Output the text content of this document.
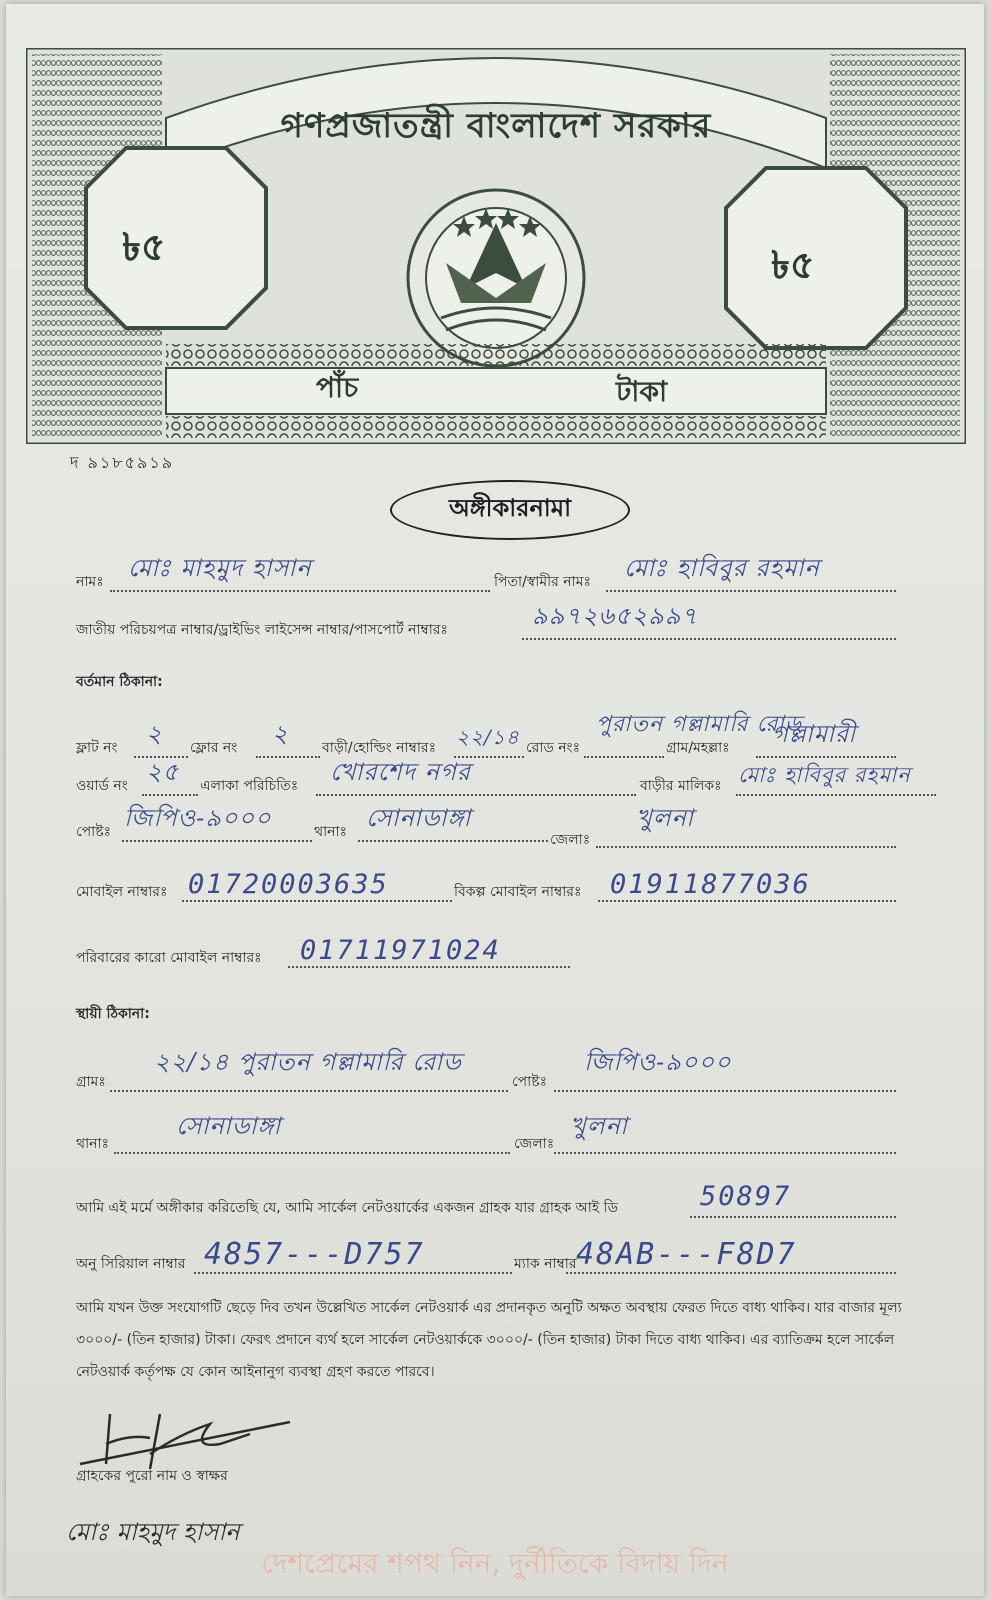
গণপ্রজাতন্ত্রী বাংলাদেশ সরকার
৳৫	৳৫
পাঁচ	টাকা
দ ৯১৮৫৯১৯
অঙ্গীকারনামা
নামঃ মোঃ মাহমুদ হাসান	পিতা/স্বামীর নামঃ মোঃ হাবিবুর রহমান
জাতীয় পরিচয়পত্র নাম্বার/ড্রাইভিং লাইসেন্স নাম্বার/পাসপোর্ট নাম্বারঃ	৯৯৭২৬৫২৯৯৭
বর্তমান ঠিকানা:
ফ্লাট নং ২ ফ্লোর নং ২ বাড়ী/হোল্ডিং নাম্বারঃ ২২/১৪ রোড নংঃ
পুরাতন গল্লামারি রোড
গ্রাম/মহল্লাঃ গল্লামারী
ওয়ার্ড নং ২৫ এলাকা পরিচিতিঃ খোরশেদ নগর	বাড়ীর মালিকঃ মোঃ হাবিবুর রহমান
পোষ্টঃ জিপিও-৯০০০	থানাঃ সোনাডাঙ্গা
জেলাঃ
খুলনা
মোবাইল নাম্বারঃ 01720003635	বিকল্প মোবাইল নাম্বারঃ 01911877036
পরিবারের কারো মোবাইল নাম্বারঃ 01711971024
স্থায়ী ঠিকানা:
গ্রামঃ
২২/১৪ পুরাতন গল্লামারি রোড
পোষ্টঃ
জিপিও-৯০০০
থানাঃ
সোনাডাঙ্গা
জেলাঃ
খুলনা
আমি এই মর্মে অঙ্গীকার করিতেছি যে, আমি সার্কেল নেটওয়ার্কের একজন গ্রাহক যার গ্রাহক আই ডি	50897
অনু সিরিয়াল নাম্বার 4857---D757	ম্যাক নাম্বার 48AB---F8D7
আমি যখন উক্ত সংযোগটি ছেড়ে দিব তখন উল্লেখিত সার্কেল নেটওয়ার্ক এর প্রদানকৃত অনুটি অক্ষত অবস্থায় ফেরত দিতে বাধ্য থাকিব। যার বাজার মূল্য ৩০০০/- (তিন হাজার) টাকা। ফেরৎ প্রদানে ব্যর্থ হলে সার্কেল নেটওয়ার্ককে ৩০০০/- (তিন হাজার) টাকা দিতে বাধ্য থাকিব। এর ব্যাতিক্রম হলে সার্কেল নেটওয়ার্ক কর্তৃপক্ষ যে কোন আইনানুগ ব্যবস্থা গ্রহণ করতে পারবে।
গ্রাহকের পুরো নাম ও স্বাক্ষর
মোঃ মাহমুদ হাসান
দেশপ্রেমের শপথ নিন, দুর্নীতিকে বিদায় দিন
